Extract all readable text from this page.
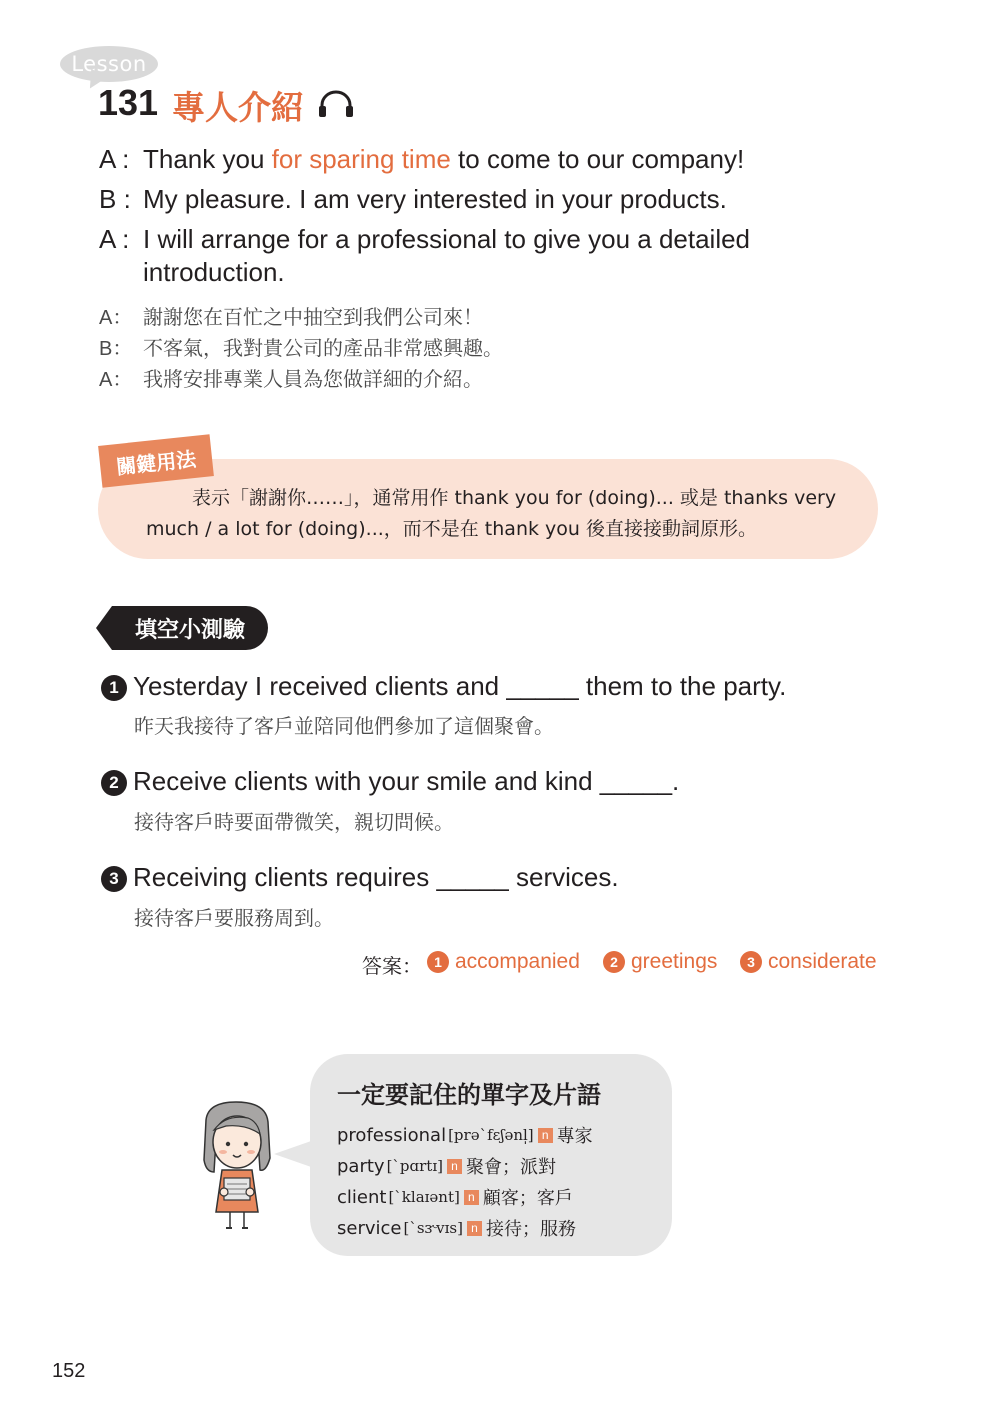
Lesson
131 專人介紹
A : Thank you for sparing time to come to our company!
B : My pleasure. I am very interested in your products.
A : I will arrange for a professional to give you a detailed
introduction.
A： 謝謝您在百忙之中抽空到我們公司來！
B： 不客氣，我對貴公司的產品非常感興趣。
A： 我將安排專業人員為您做詳細的介紹。
關鍵用法
表示「謝謝你……」，通常用作 thank you for (doing)... 或是 thanks very much / a lot for (doing)...，而不是在 thank you 後直接接動詞原形。
填空小測驗
1 Yesterday I received clients and _____ them to the party.
昨天我接待了客戶並陪同他們參加了這個聚會。
2 Receive clients with your smile and kind _____.
接待客戶時要面帶微笑，親切問候。
3 Receiving clients requires _____ services.
接待客戶要服務周到。
答案： 1 accompanied	2 greetings	3 considerate
一定要記住的單字及片語
professional [prəˋfɛʃənl̩] n 專家
party [ˋpɑrtɪ] n 聚會；派對
client [ˋklaɪənt] n 顧客；客戶
service [ˋsɝvɪs] n 接待；服務
152
